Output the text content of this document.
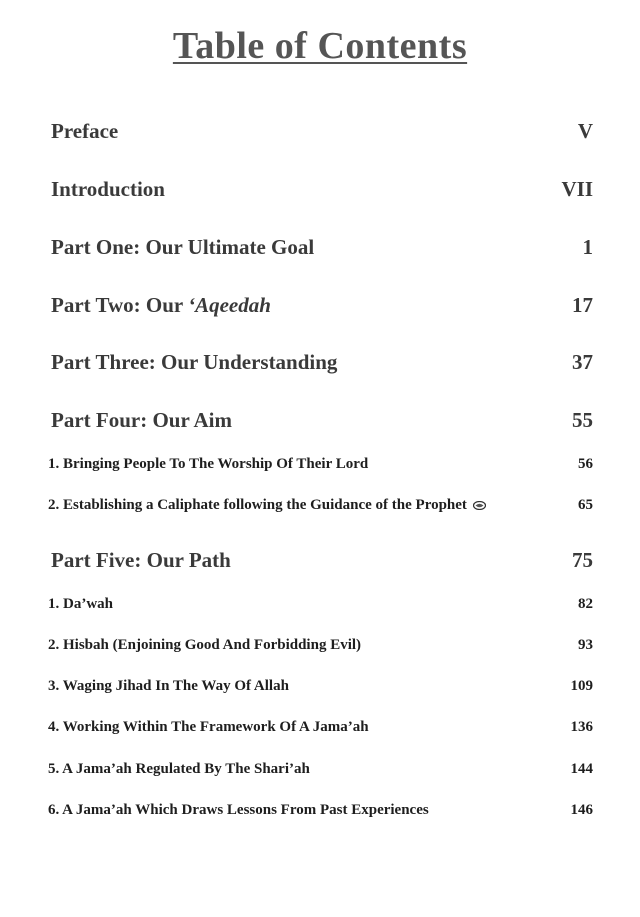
Table of Contents
Preface	V
Introduction	VII
Part One: Our Ultimate Goal	1
Part Two: Our ‘Aqeedah	17
Part Three: Our Understanding	37
Part Four: Our Aim	55
1. Bringing People To The Worship Of Their Lord	56
2. Establishing a Caliphate following the Guidance of the Prophet	65
Part Five: Our Path	75
1. Da’wah	82
2. Hisbah (Enjoining Good And Forbidding Evil)	93
3. Waging Jihad In The Way Of Allah	109
4. Working Within The Framework Of A Jama’ah	136
5. A Jama’ah Regulated By The Shari’ah	144
6. A Jama’ah Which Draws Lessons From Past Experiences	146
